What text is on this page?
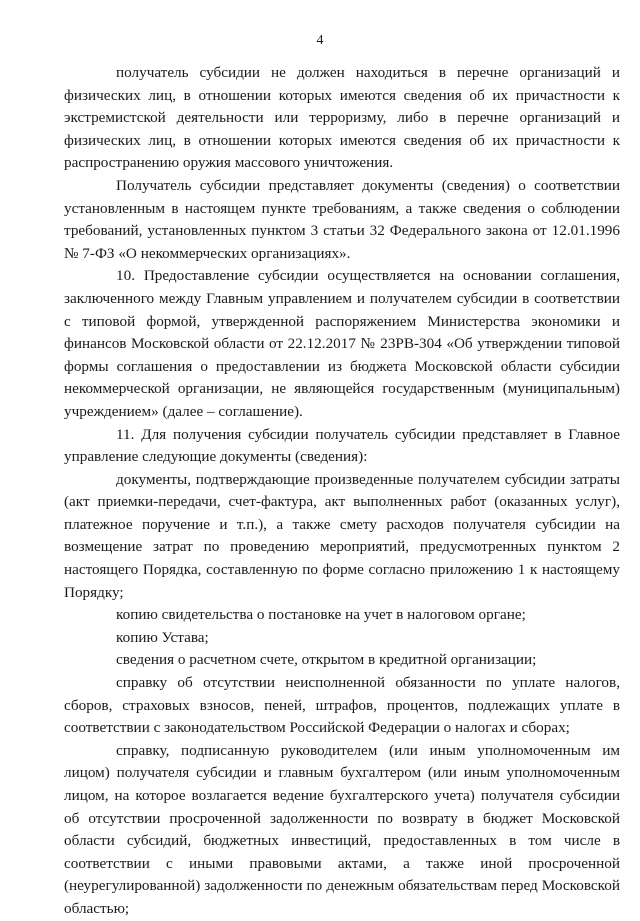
4

получатель субсидии не должен находиться в перечне организаций и физических лиц, в отношении которых имеются сведения об их причастности к экстремистской деятельности или терроризму, либо в перечне организаций и физических лиц, в отношении которых имеются сведения об их причастности к распространению оружия массового уничтожения.

Получатель субсидии представляет документы (сведения) о соответствии установленным в настоящем пункте требованиям, а также сведения о соблюдении требований, установленных пунктом 3 статьи 32 Федерального закона от 12.01.1996 № 7-ФЗ «О некоммерческих организациях».

10. Предоставление субсидии осуществляется на основании соглашения, заключенного между Главным управлением и получателем субсидии в соответствии с типовой формой, утвержденной распоряжением Министерства экономики и финансов Московской области от 22.12.2017 № 23РВ-304 «Об утверждении типовой формы соглашения о предоставлении из бюджета Московской области субсидии некоммерческой организации, не являющейся государственным (муниципальным) учреждением» (далее – соглашение).

11. Для получения субсидии получатель субсидии представляет в Главное управление следующие документы (сведения):

документы, подтверждающие произведенные получателем субсидии затраты (акт приемки-передачи, счет-фактура, акт выполненных работ (оказанных услуг), платежное поручение и т.п.), а также смету расходов получателя субсидии на возмещение затрат по проведению мероприятий, предусмотренных пунктом 2 настоящего Порядка, составленную по форме согласно приложению 1 к настоящему Порядку;

копию свидетельства о постановке на учет в налоговом органе;

копию Устава;

сведения о расчетном счете, открытом в кредитной организации;

справку об отсутствии неисполненной обязанности по уплате налогов, сборов, страховых взносов, пеней, штрафов, процентов, подлежащих уплате в соответствии с законодательством Российской Федерации о налогах и сборах;

справку, подписанную руководителем (или иным уполномоченным им лицом) получателя субсидии и главным бухгалтером (или иным уполномоченным лицом, на которое возлагается ведение бухгалтерского учета) получателя субсидии об отсутствии просроченной задолженности по возврату в бюджет Московской области субсидий, бюджетных инвестиций, предоставленных в том числе в соответствии с иными правовыми актами, а также иной просроченной (неурегулированной) задолженности по денежным обязательствам перед Московской областью;
